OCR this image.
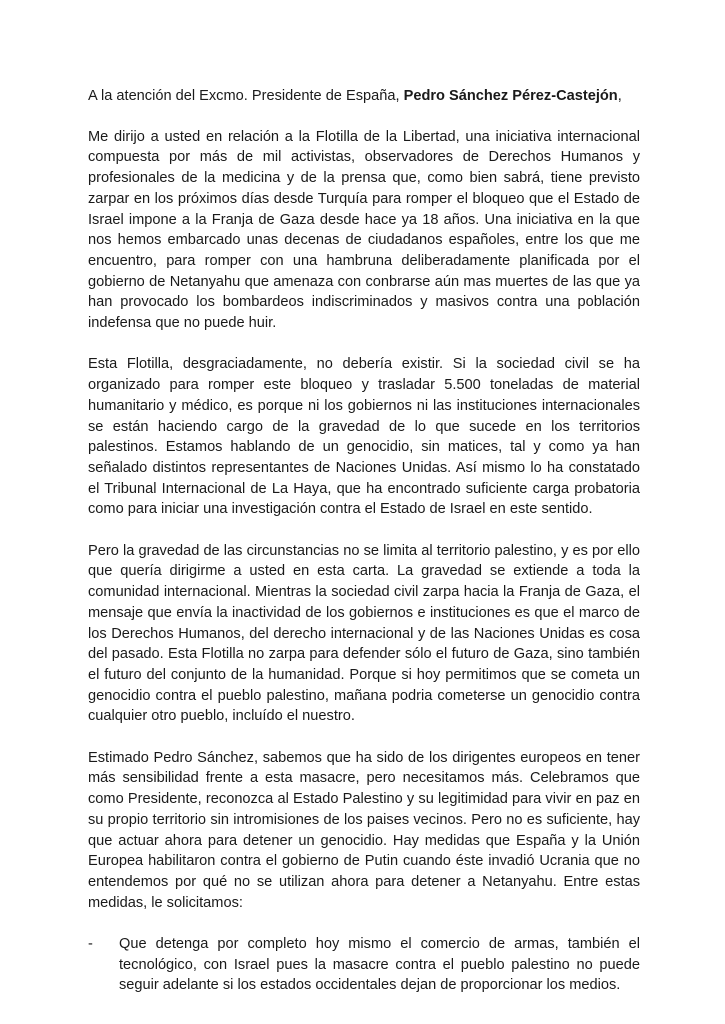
A la atención del Excmo. Presidente de España, Pedro Sánchez Pérez-Castejón,

Me dirijo a usted en relación a la Flotilla de la Libertad, una iniciativa internacional compuesta por más de mil activistas, observadores de Derechos Humanos y profesionales de la medicina y de la prensa que, como bien sabrá, tiene previsto zarpar en los próximos días desde Turquía para romper el bloqueo que el Estado de Israel impone a la Franja de Gaza desde hace ya 18 años. Una iniciativa en la que nos hemos embarcado unas decenas de ciudadanos españoles, entre los que me encuentro, para romper con una hambruna deliberadamente planificada por el gobierno de Netanyahu que amenaza con conbrarse aún mas muertes de las que ya han provocado los bombardeos indiscriminados y masivos contra una población indefensa que no puede huir.

Esta Flotilla, desgraciadamente, no debería existir. Si la sociedad civil se ha organizado para romper este bloqueo y trasladar 5.500 toneladas de material humanitario y médico, es porque ni los gobiernos ni las instituciones internacionales se están haciendo cargo de la gravedad de lo que sucede en los territorios palestinos. Estamos hablando de un genocidio, sin matices, tal y como ya han señalado distintos representantes de Naciones Unidas. Así mismo lo ha constatado el Tribunal Internacional de La Haya, que ha encontrado suficiente carga probatoria como para iniciar una investigación contra el Estado de Israel en este sentido.

Pero la gravedad de las circunstancias no se limita al territorio palestino, y es por ello que quería dirigirme a usted en esta carta. La gravedad se extiende a toda la comunidad internacional. Mientras la sociedad civil zarpa hacia la Franja de Gaza, el mensaje que envía la inactividad de los gobiernos e instituciones es que el marco de los Derechos Humanos, del derecho internacional y de las Naciones Unidas es cosa del pasado. Esta Flotilla no zarpa para defender sólo el futuro de Gaza, sino también el futuro del conjunto de la humanidad. Porque si hoy permitimos que se cometa un genocidio contra el pueblo palestino, mañana podria cometerse un genocidio contra cualquier otro pueblo, incluído el nuestro.

Estimado Pedro Sánchez, sabemos que ha sido de los dirigentes europeos en tener más sensibilidad frente a esta masacre, pero necesitamos más. Celebramos que como Presidente, reconozca al Estado Palestino y su legitimidad para vivir en paz en su propio territorio sin intromisiones de los paises vecinos. Pero no es suficiente, hay que actuar ahora para detener un genocidio. Hay medidas que España y la Unión Europea habilitaron contra el gobierno de Putin cuando éste invadió Ucrania que no entendemos por qué no se utilizan ahora para detener a Netanyahu. Entre estas medidas, le solicitamos:

- Que detenga por completo hoy mismo el comercio de armas, también el tecnológico, con Israel pues la masacre contra el pueblo palestino no puede seguir adelante si los estados occidentales dejan de proporcionar los medios.
